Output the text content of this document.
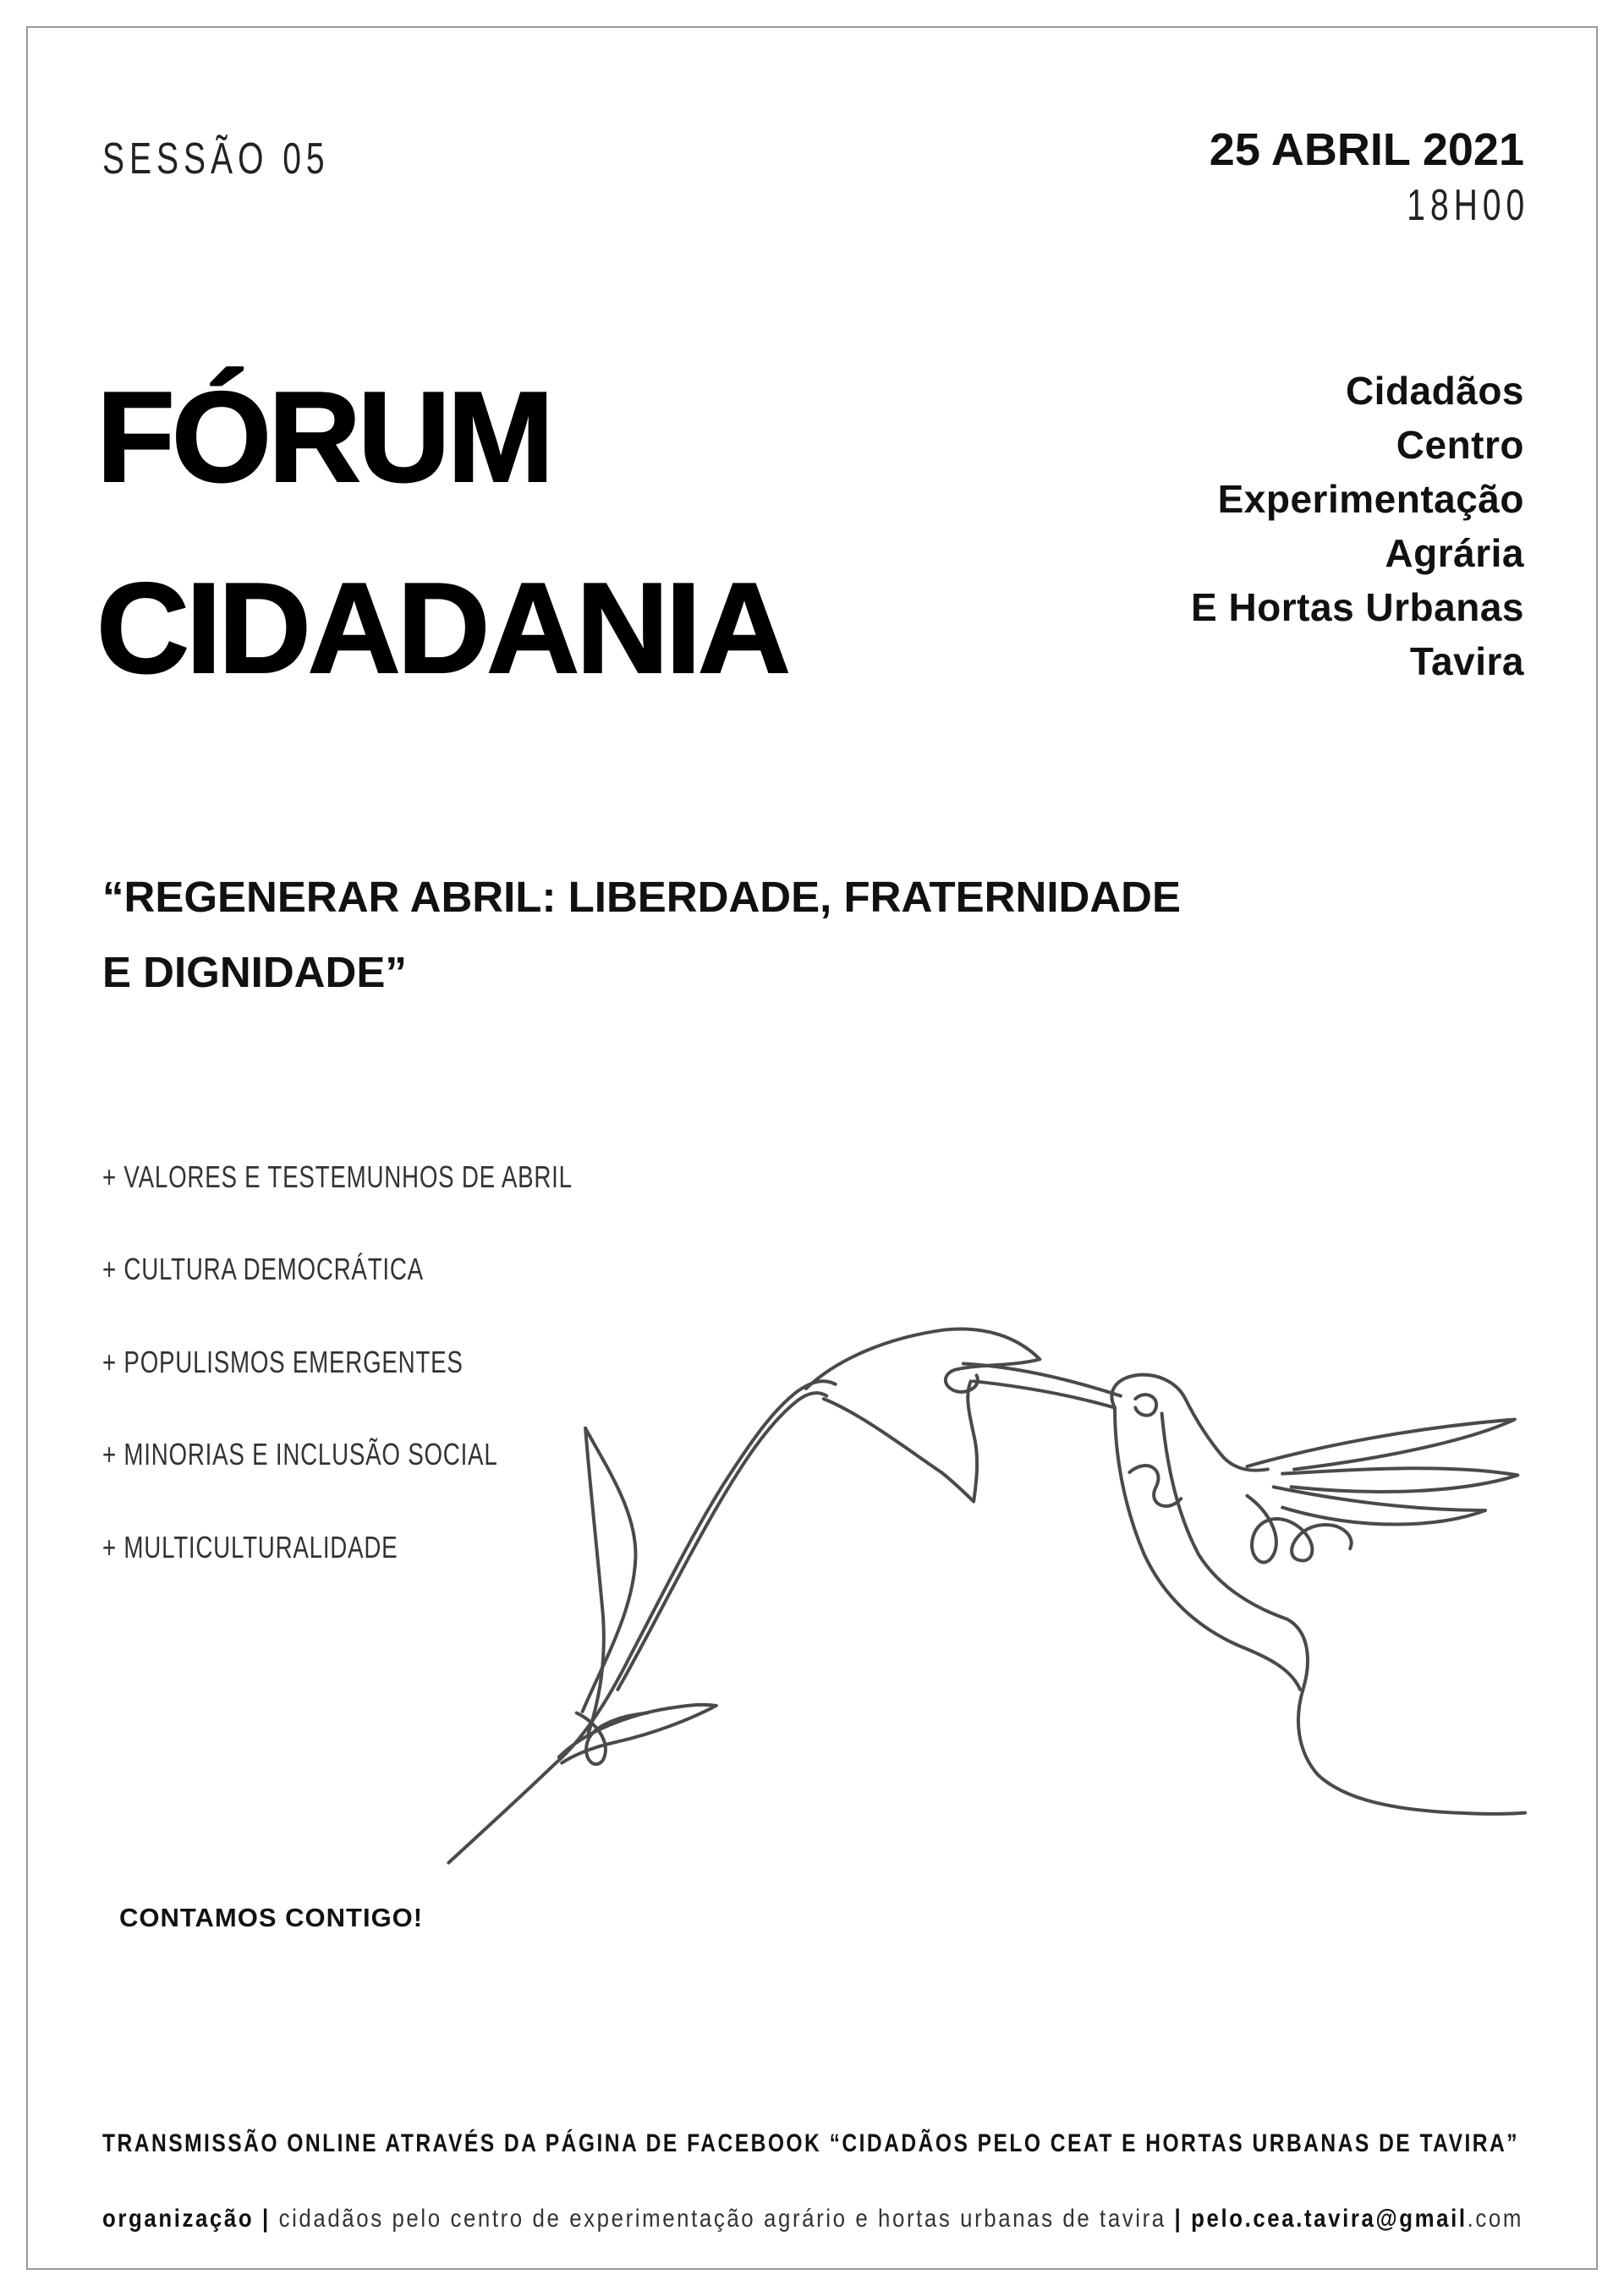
SESSÃO 05	25 ABRIL 2021
18H00
FÓRUM
CIDADANIA
Cidadãos
Centro
Experimentação
Agrária
E Hortas Urbanas
Tavira
“REGENERAR ABRIL: LIBERDADE, FRATERNIDADE
E DIGNIDADE”
+ VALORES E TESTEMUNHOS DE ABRIL
+ CULTURA DEMOCRÁTICA
+ POPULISMOS EMERGENTES
+ MINORIAS E INCLUSÃO SOCIAL
+ MULTICULTURALIDADE
CONTAMOS CONTIGO!
TRANSMISSÃO ONLINE ATRAVÉS DA PÁGINA DE FACEBOOK “CIDADÃOS PELO CEAT E HORTAS URBANAS DE TAVIRA”
organização | cidadãos pelo centro de experimentação agrário e hortas urbanas de tavira | pelo.cea.tavira@gmail.com
